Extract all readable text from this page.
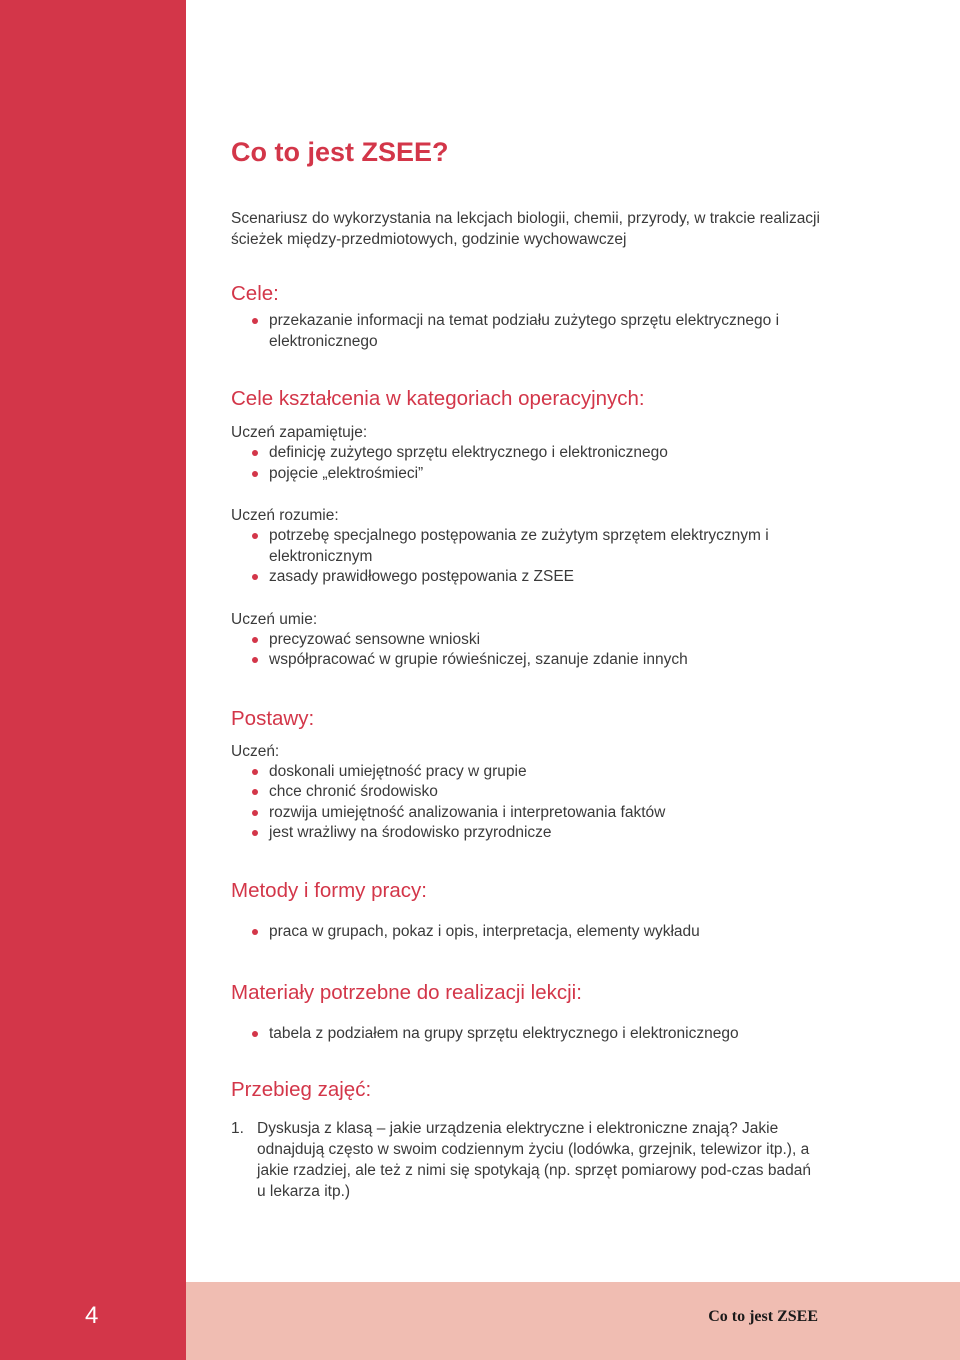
Co to jest ZSEE?

Scenariusz do wykorzystania na lekcjach biologii, chemii, przyrody, w trakcie realizacji ścieżek między-przedmiotowych, godzinie wychowawczej

Cele:
przekazanie informacji na temat podziału zużytego sprzętu elektrycznego i elektronicznego
Cele kształcenia w kategoriach operacyjnych:
Uczeń zapamiętuje:
definicję zużytego sprzętu elektrycznego i elektronicznego
pojęcie „elektrośmieci”
Uczeń rozumie:
potrzebę specjalnego postępowania ze zużytym sprzętem elektrycznym i elektronicznym
zasady prawidłowego postępowania z ZSEE
Uczeń umie:
precyzować sensowne wnioski
współpracować w grupie rówieśniczej, szanuje zdanie innych
Postawy:
Uczeń:
doskonali umiejętność pracy w grupie
chce chronić środowisko
rozwija umiejętność analizowania i interpretowania faktów
jest wrażliwy na środowisko przyrodnicze
Metody i formy pracy:
praca w grupach, pokaz i opis, interpretacja, elementy wykładu
Materiały potrzebne do realizacji lekcji:
tabela z podziałem na grupy sprzętu elektrycznego i elektronicznego
Przebieg zajęć:
1. Dyskusja z klasą – jakie urządzenia elektryczne i elektroniczne znają? Jakie odnajdują często w swoim codziennym życiu (lodówka, grzejnik, telewizor itp.), a jakie rzadziej, ale też z nimi się spotykają (np. sprzęt pomiarowy pod-czas badań u lekarza itp.)
4	Co to jest ZSEE
